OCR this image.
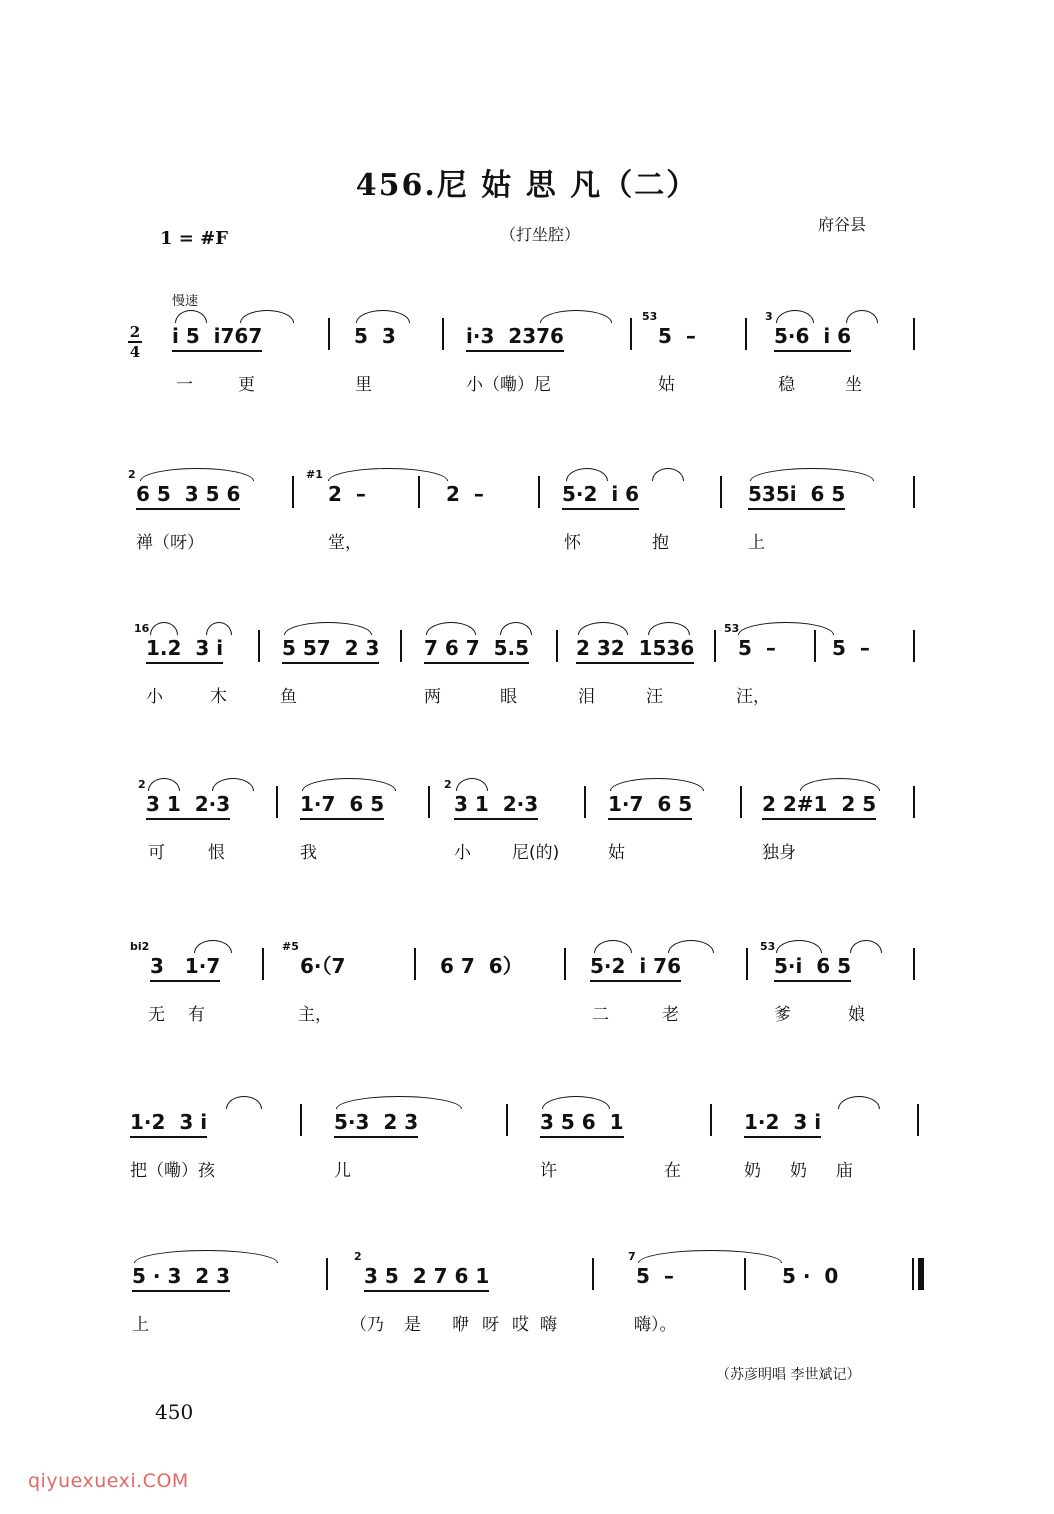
456.尼 姑 思 凡（二）
1 = #F	（打坐腔）
府谷县
慢速
2
4
i 5  i767	5  3	i·3  2376
53
5  –
3
5·6  i 6
一	更	里	小（嘞）尼	姑	稳	坐
2
6 5  3 5 6
#1
2  –	2  –	5·2  i 6	535i  6 5
禅（呀）	堂，	怀	抱	上
16
1.2  3 i	5 57  2 3 7 6 7  5.5 2 32  1536
53
5  –	5  –
小	木	鱼	两	眼	泪	汪	汪，
2
3 1  2·3	1·7  6 5
2
3 1  2·3	1·7  6 5	2 2#1  2 5
可	恨	我	小 尼(的)	姑	独身
bi2
3   1·7
#5
6·（7	6 7  6）	5·2  i 76
53
5·i  6 5
无 有	主，	二	老	爹	娘
1·2  3 i	5·3  2 3	3 5 6  1	1·2  3 i
把（嘞）孩	儿	许	在	奶 奶 庙
5 · 3  2 3
2
3 5  2 7 6 1
7
5  –	5 ·  0
上	（乃 是 咿 呀 哎 嗨	嗨）。
（苏彦明唱 李世斌记）
450
qiyuexuexi.COM
